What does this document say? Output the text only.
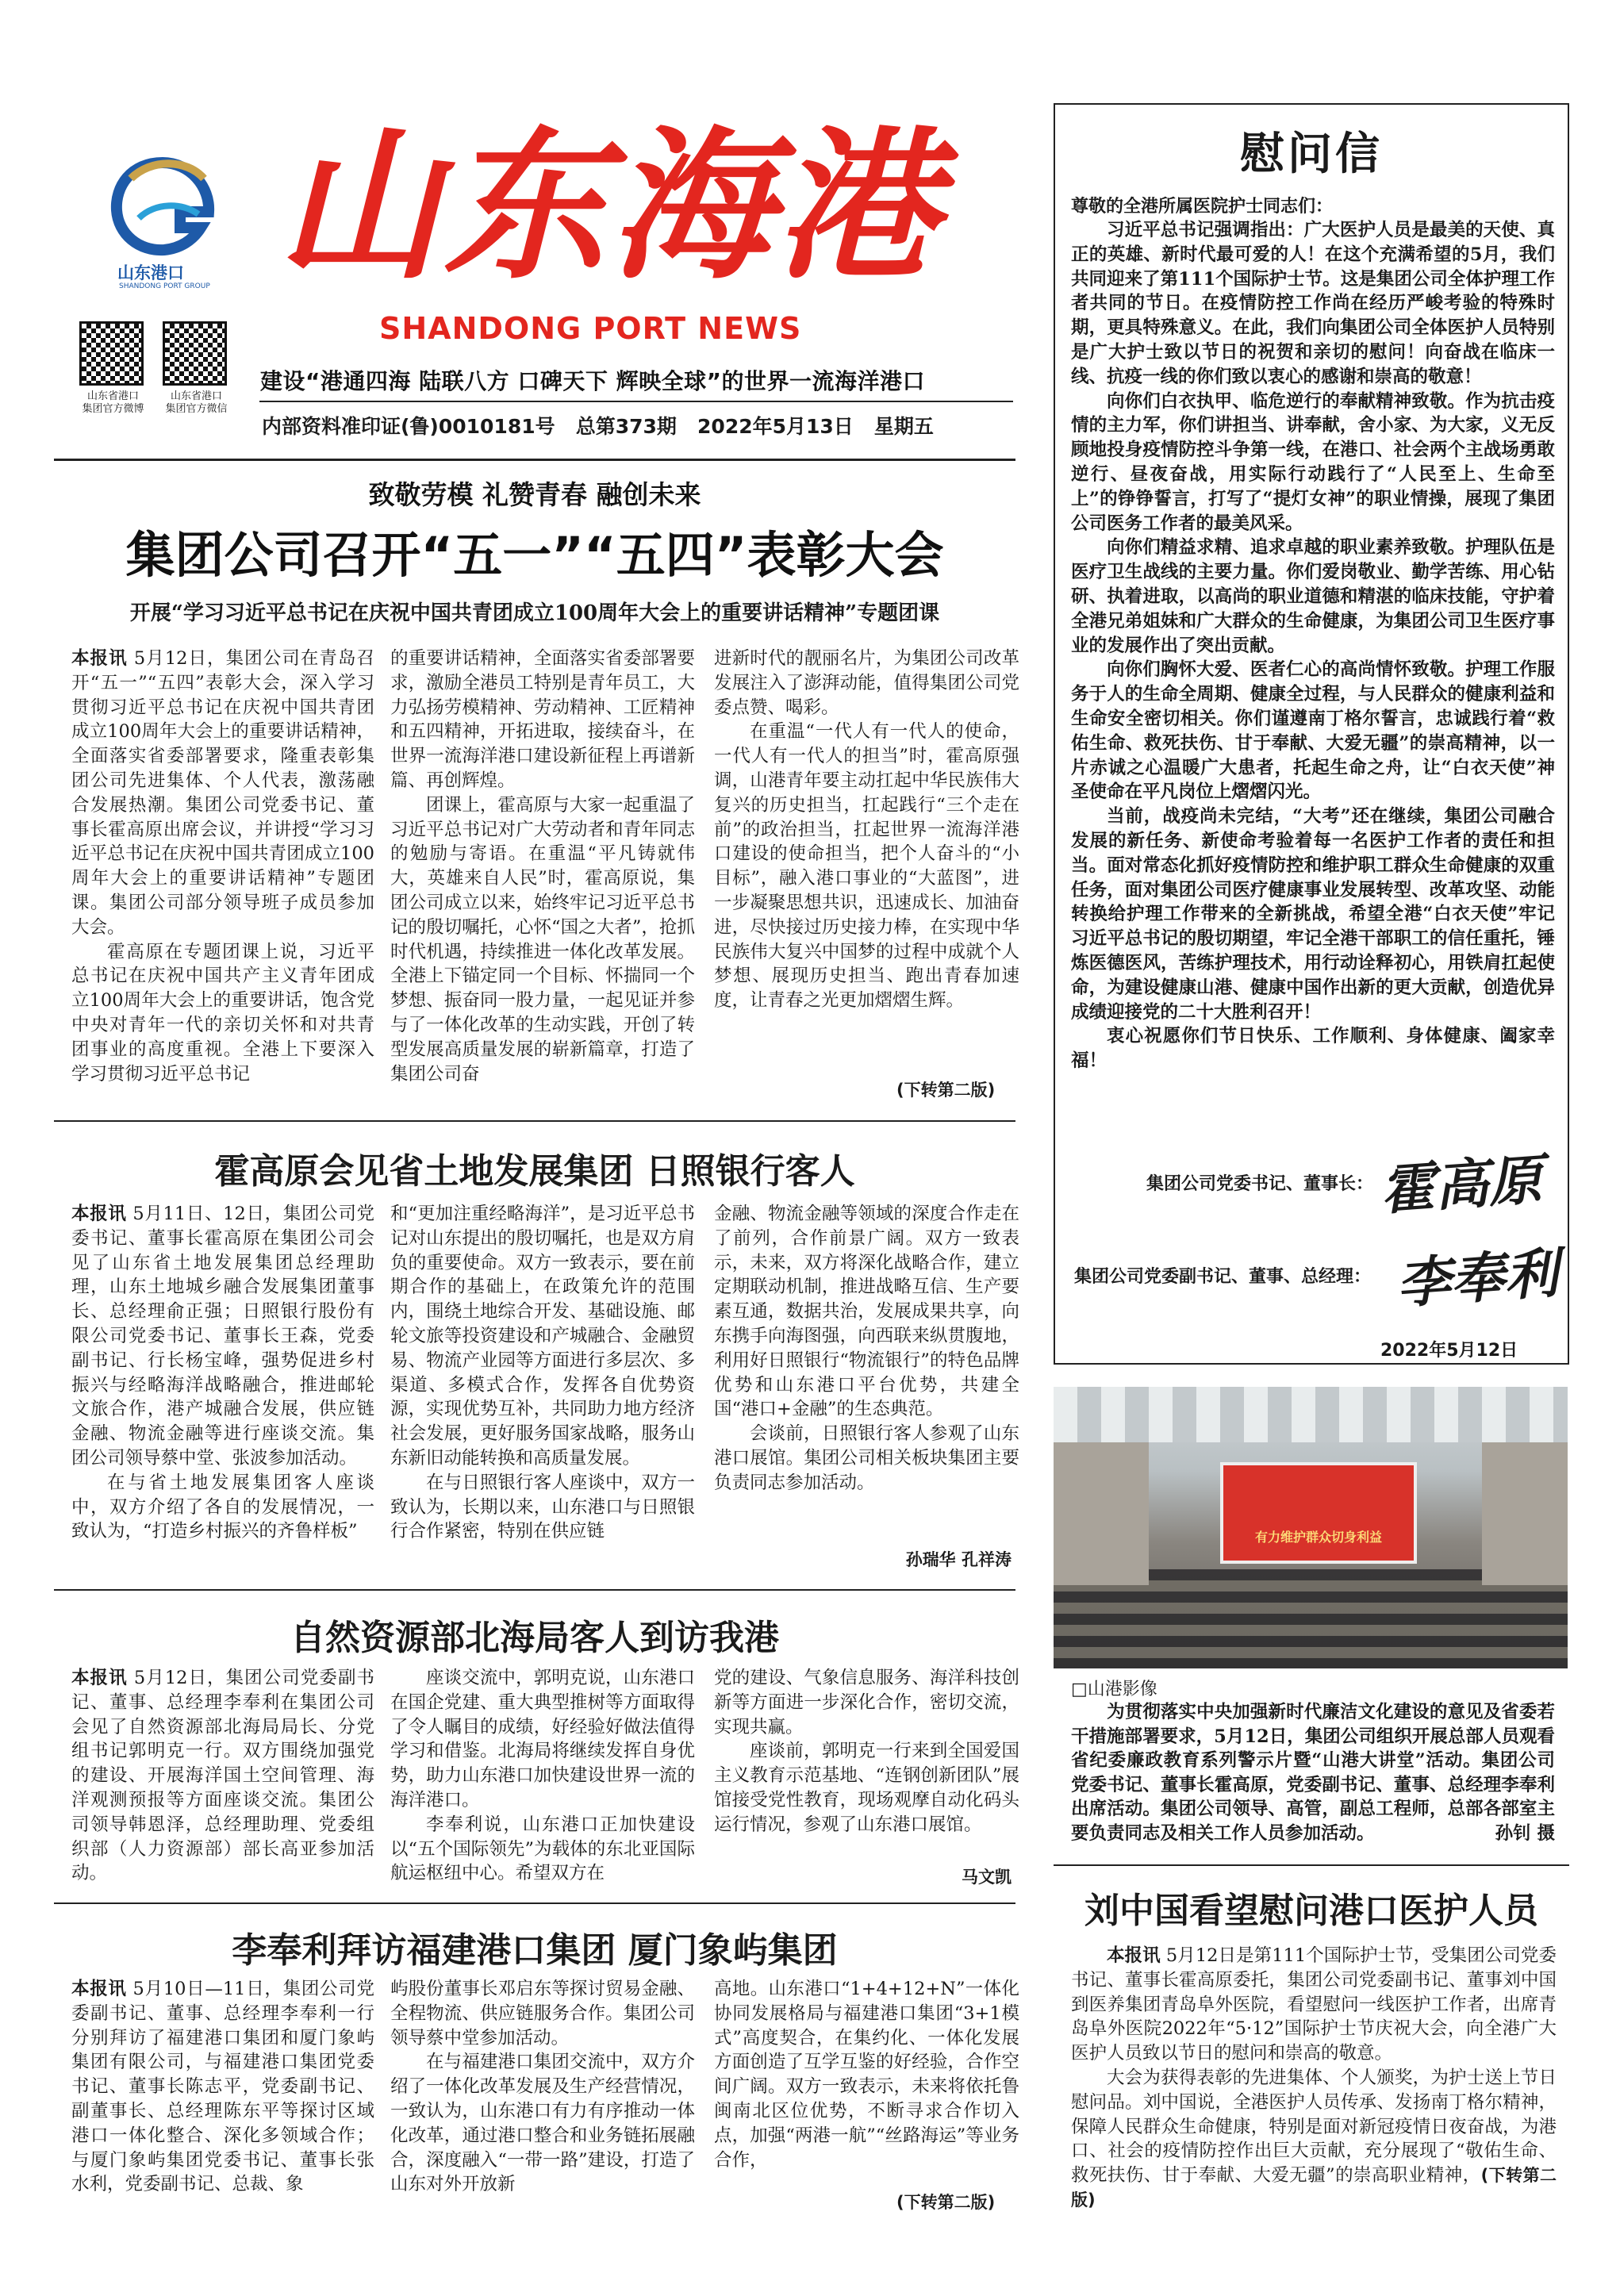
山东港口
SHANDONG PORT GROUP 山东海港
SHANDONG PORT NEWS
山东省港口
集团官方微博
山东省港口
集团官方微信
建设“港通四海 陆联八方 口碑天下 辉映全球”的世界一流海洋港口
内部资料准印证(鲁)0010181号   总第373期   2022年5月13日   星期五
致敬劳模 礼赞青春 融创未来
集团公司召开“五一”“五四”表彰大会
开展“学习习近平总书记在庆祝中国共青团成立100周年大会上的重要讲话精神”专题团课

本报讯 5月12日，集团公司在青岛召开“五一”“五四”表彰大会，深入学习贯彻习近平总书记在庆祝中国共青团成立100周年大会上的重要讲话精神，全面落实省委部署要求，隆重表彰集团公司先进集体、个人代表，激荡融合发展热潮。集团公司党委书记、董事长霍高原出席会议，并讲授“学习习近平总书记在庆祝中国共青团成立100周年大会上的重要讲话精神”专题团课。集团公司部分领导班子成员参加大会。

霍高原在专题团课上说，习近平总书记在庆祝中国共产主义青年团成立100周年大会上的重要讲话，饱含党中央对青年一代的亲切关怀和对共青团事业的高度重视。全港上下要深入学习贯彻习近平总书记

的重要讲话精神，全面落实省委部署要求，激励全港员工特别是青年员工，大力弘扬劳模精神、劳动精神、工匠精神和五四精神，开拓进取，接续奋斗，在世界一流海洋港口建设新征程上再谱新篇、再创辉煌。

团课上，霍高原与大家一起重温了习近平总书记对广大劳动者和青年同志的勉励与寄语。在重温“平凡铸就伟大，英雄来自人民”时，霍高原说，集团公司成立以来，始终牢记习近平总书记的殷切嘱托，心怀“国之大者”，抢抓时代机遇，持续推进一体化改革发展。全港上下锚定同一个目标、怀揣同一个梦想、振奋同一股力量，一起见证并参与了一体化改革的生动实践，开创了转型发展高质量发展的崭新篇章，打造了集团公司奋

进新时代的靓丽名片，为集团公司改革发展注入了澎湃动能，值得集团公司党委点赞、喝彩。

在重温“一代人有一代人的使命，一代人有一代人的担当”时，霍高原强调，山港青年要主动扛起中华民族伟大复兴的历史担当，扛起践行“三个走在前”的政治担当，扛起世界一流海洋港口建设的使命担当，把个人奋斗的“小目标”，融入港口事业的“大蓝图”，进一步凝聚思想共识，迅速成长、加油奋进，尽快接过历史接力棒，在实现中华民族伟大复兴中国梦的过程中成就个人梦想、展现历史担当、跑出青春加速度，让青春之光更加熠熠生辉。

(下转第二版)
霍高原会见省土地发展集团 日照银行客人

本报讯 5月11日、12日，集团公司党委书记、董事长霍高原在集团公司会见了山东省土地发展集团总经理助理，山东土地城乡融合发展集团董事长、总经理俞正强；日照银行股份有限公司党委书记、董事长王森，党委副书记、行长杨宝峰，强势促进乡村振兴与经略海洋战略融合，推进邮轮文旅合作，港产城融合发展，供应链金融、物流金融等进行座谈交流。集团公司领导蔡中堂、张波参加活动。

在与省土地发展集团客人座谈中，双方介绍了各自的发展情况，一致认为，“打造乡村振兴的齐鲁样板”

和“更加注重经略海洋”，是习近平总书记对山东提出的殷切嘱托，也是双方肩负的重要使命。双方一致表示，要在前期合作的基础上，在政策允许的范围内，围绕土地综合开发、基础设施、邮轮文旅等投资建设和产城融合、金融贸易、物流产业园等方面进行多层次、多渠道、多模式合作，发挥各自优势资源，实现优势互补，共同助力地方经济社会发展，更好服务国家战略，服务山东新旧动能转换和高质量发展。

在与日照银行客人座谈中，双方一致认为，长期以来，山东港口与日照银行合作紧密，特别在供应链

金融、物流金融等领域的深度合作走在了前列，合作前景广阔。双方一致表示，未来，双方将深化战略合作，建立定期联动机制，推进战略互信、生产要素互通，数据共治，发展成果共享，向东携手向海图强，向西联来纵贯腹地，利用好日照银行“物流银行”的特色品牌优势和山东港口平台优势，共建全国“港口+金融”的生态典范。

会谈前，日照银行客人参观了山东港口展馆。集团公司相关板块集团主要负责同志参加活动。

孙瑞华 孔祥涛
自然资源部北海局客人到访我港

本报讯 5月12日，集团公司党委副书记、董事、总经理李奉利在集团公司会见了自然资源部北海局局长、分党组书记郭明克一行。双方围绕加强党的建设、开展海洋国土空间管理、海洋观测预报等方面座谈交流。集团公司领导韩恩泽，总经理助理、党委组织部（人力资源部）部长高亚参加活动。

座谈交流中，郭明克说，山东港口在国企党建、重大典型推树等方面取得了令人瞩目的成绩，好经验好做法值得学习和借鉴。北海局将继续发挥自身优势，助力山东港口加快建设世界一流的海洋港口。

李奉利说，山东港口正加快建设以“五个国际领先”为载体的东北亚国际航运枢纽中心。希望双方在

党的建设、气象信息服务、海洋科技创新等方面进一步深化合作，密切交流，实现共赢。

座谈前，郭明克一行来到全国爱国主义教育示范基地、“连钢创新团队”展馆接受党性教育，现场观摩自动化码头运行情况，参观了山东港口展馆。

马文凯
李奉利拜访福建港口集团 厦门象屿集团

本报讯 5月10日—11日，集团公司党委副书记、董事、总经理李奉利一行分别拜访了福建港口集团和厦门象屿集团有限公司，与福建港口集团党委书记、董事长陈志平，党委副书记、副董事长、总经理陈东平等探讨区域港口一体化整合、深化多领域合作；与厦门象屿集团党委书记、董事长张水利，党委副书记、总裁、象

屿股份董事长邓启东等探讨贸易金融、全程物流、供应链服务合作。集团公司领导蔡中堂参加活动。

在与福建港口集团交流中，双方介绍了一体化改革发展及生产经营情况，一致认为，山东港口有力有序推动一体化改革，通过港口整合和业务链拓展融合，深度融入“一带一路”建设，打造了山东对外开放新

高地。山东港口“1+4+12+N”一体化协同发展格局与福建港口集团“3+1模式”高度契合，在集约化、一体化发展方面创造了互学互鉴的好经验，合作空间广阔。双方一致表示，未来将依托鲁闽南北区位优势，不断寻求合作切入点，加强“两港一航”“丝路海运”等业务合作，

(下转第二版)
慰问信
尊敬的全港所属医院护士同志们：

习近平总书记强调指出：广大医护人员是最美的天使、真正的英雄、新时代最可爱的人！在这个充满希望的5月，我们共同迎来了第111个国际护士节。这是集团公司全体护理工作者共同的节日。在疫情防控工作尚在经历严峻考验的特殊时期，更具特殊意义。在此，我们向集团公司全体医护人员特别是广大护士致以节日的祝贺和亲切的慰问！向奋战在临床一线、抗疫一线的你们致以衷心的感谢和崇高的敬意！

向你们白衣执甲、临危逆行的奉献精神致敬。作为抗击疫情的主力军，你们讲担当、讲奉献，舍小家、为大家，义无反顾地投身疫情防控斗争第一线，在港口、社会两个主战场勇敢逆行、昼夜奋战，用实际行动践行了“人民至上、生命至上”的铮铮誓言，打写了“提灯女神”的职业情操，展现了集团公司医务工作者的最美风采。

向你们精益求精、追求卓越的职业素养致敬。护理队伍是医疗卫生战线的主要力量。你们爱岗敬业、勤学苦练、用心钻研、执着进取，以高尚的职业道德和精湛的临床技能，守护着全港兄弟姐妹和广大群众的生命健康，为集团公司卫生医疗事业的发展作出了突出贡献。

向你们胸怀大爱、医者仁心的高尚情怀致敬。护理工作服务于人的生命全周期、健康全过程，与人民群众的健康利益和生命安全密切相关。你们谨遵南丁格尔誓言，忠诚践行着“救佑生命、救死扶伤、甘于奉献、大爱无疆”的崇高精神，以一片赤诚之心温暖广大患者，托起生命之舟，让“白衣天使”神圣使命在平凡岗位上熠熠闪光。

当前，战疫尚未完结，“大考”还在继续，集团公司融合发展的新任务、新使命考验着每一名医护工作者的责任和担当。面对常态化抓好疫情防控和维护职工群众生命健康的双重任务，面对集团公司医疗健康事业发展转型、改革攻坚、动能转换给护理工作带来的全新挑战，希望全港“白衣天使”牢记习近平总书记的殷切期望，牢记全港干部职工的信任重托，锤炼医德医风，苦练护理技术，用行动诠释初心，用铁肩扛起使命，为建设健康山港、健康中国作出新的更大贡献，创造优异成绩迎接党的二十大胜利召开！

衷心祝愿你们节日快乐、工作顺利、身体健康、阖家幸福！

集团公司党委书记、董事长： 霍高原
集团公司党委副书记、董事、总经理： 李奉利
2022年5月12日
有力维护群众切身利益
□山港影像
为贯彻落实中央加强新时代廉洁文化建设的意见及省委若干措施部署要求，5月12日，集团公司组织开展总部人员观看省纪委廉政教育系列警示片暨“山港大讲堂”活动。集团公司党委书记、董事长霍高原，党委副书记、董事、总经理李奉利出席活动。集团公司领导、高管，副总工程师，总部各部室主要负责同志及相关工作人员参加活动。	孙钊 摄
刘中国看望慰问港口医护人员

本报讯 5月12日是第111个国际护士节，受集团公司党委书记、董事长霍高原委托，集团公司党委副书记、董事刘中国到医养集团青岛阜外医院，看望慰问一线医护工作者，出席青岛阜外医院2022年“5·12”国际护士节庆祝大会，向全港广大医护人员致以节日的慰问和崇高的敬意。

大会为获得表彰的先进集体、个人颁奖，为护士送上节日慰问品。刘中国说，全港医护人员传承、发扬南丁格尔精神，保障人民群众生命健康，特别是面对新冠疫情日夜奋战，为港口、社会的疫情防控作出巨大贡献，充分展现了“敬佑生命、救死扶伤、甘于奉献、大爱无疆”的崇高职业精神，(下转第二版)
